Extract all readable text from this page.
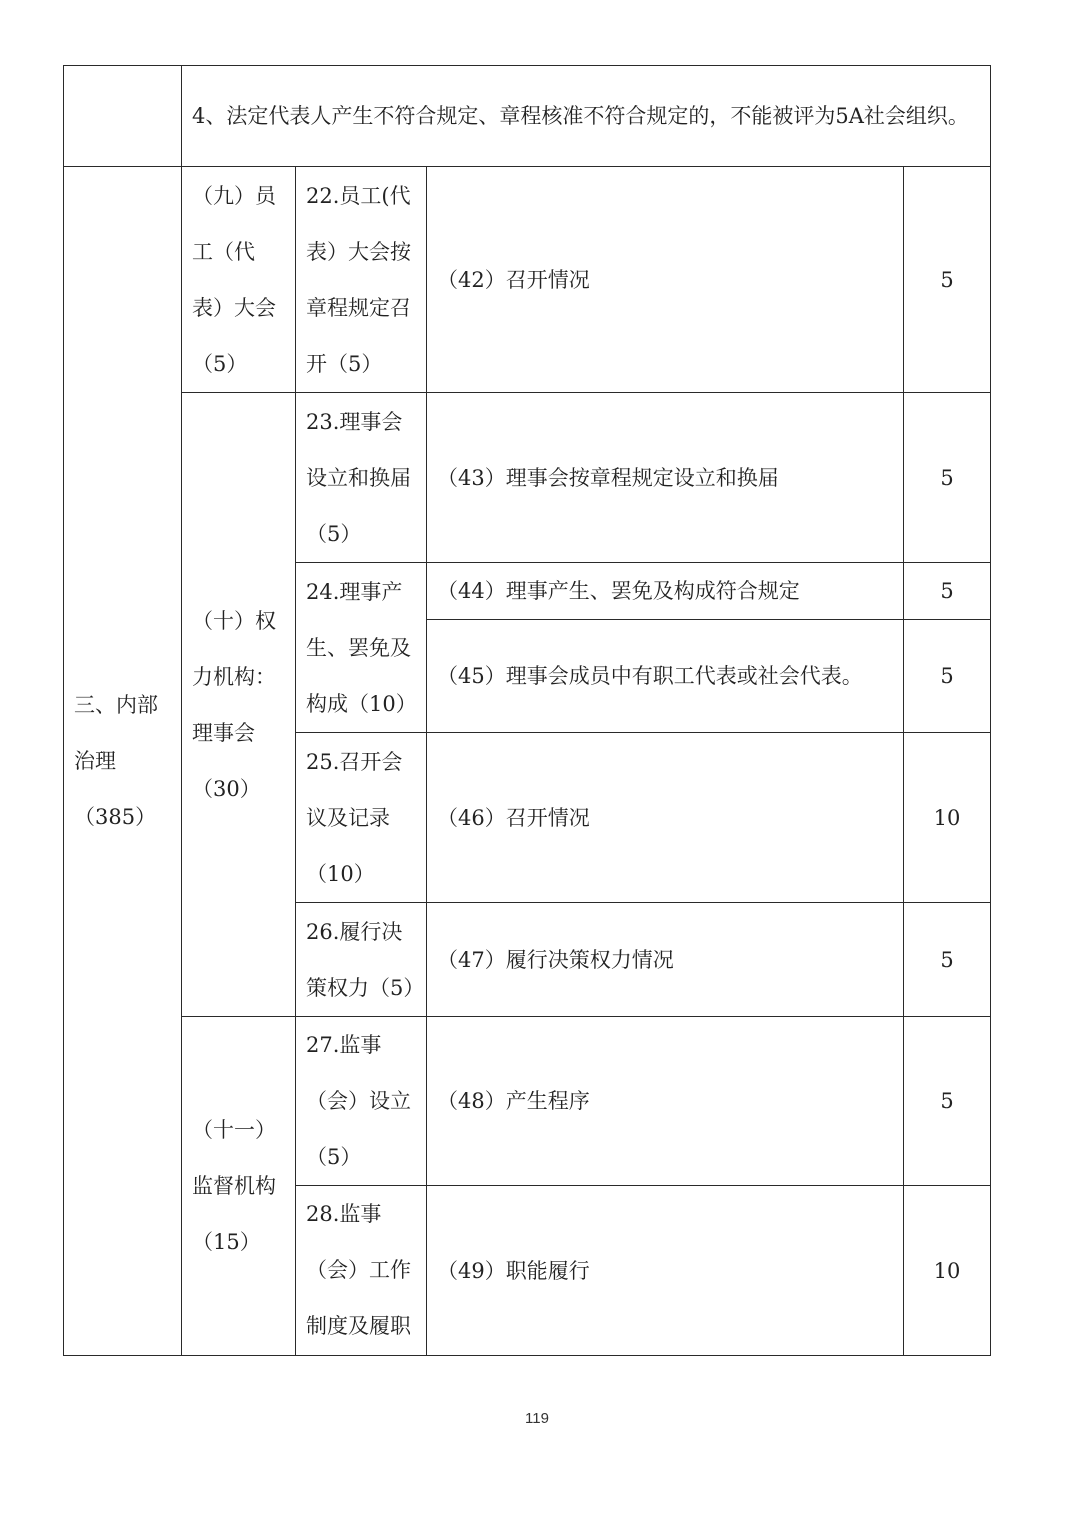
	4、法定代表人产生不符合规定、章程核准不符合规定的，不能被评为5A社会组织。			
三、内部治理（385）	（九）员工（代表）大会（5）	22.员工(代表）大会按章程规定召开（5）	（42）召开情况	5
	（十）权力机构：理事会（30）	23.理事会设立和换届（5）	（43）理事会按章程规定设立和换届	5
		24.理事产生、罢免及构成（10）	（44）理事产生、罢免及构成符合规定	5
			（45）理事会成员中有职工代表或社会代表。	5
		25.召开会议及记录（10）	（46）召开情况	10
		26.履行决策权力（5）	（47）履行决策权力情况	5
	（十一）监督机构（15）	27.监事（会）设立（5）	（48）产生程序	5
		28.监事（会）工作制度及履职	（49）职能履行	10
119
